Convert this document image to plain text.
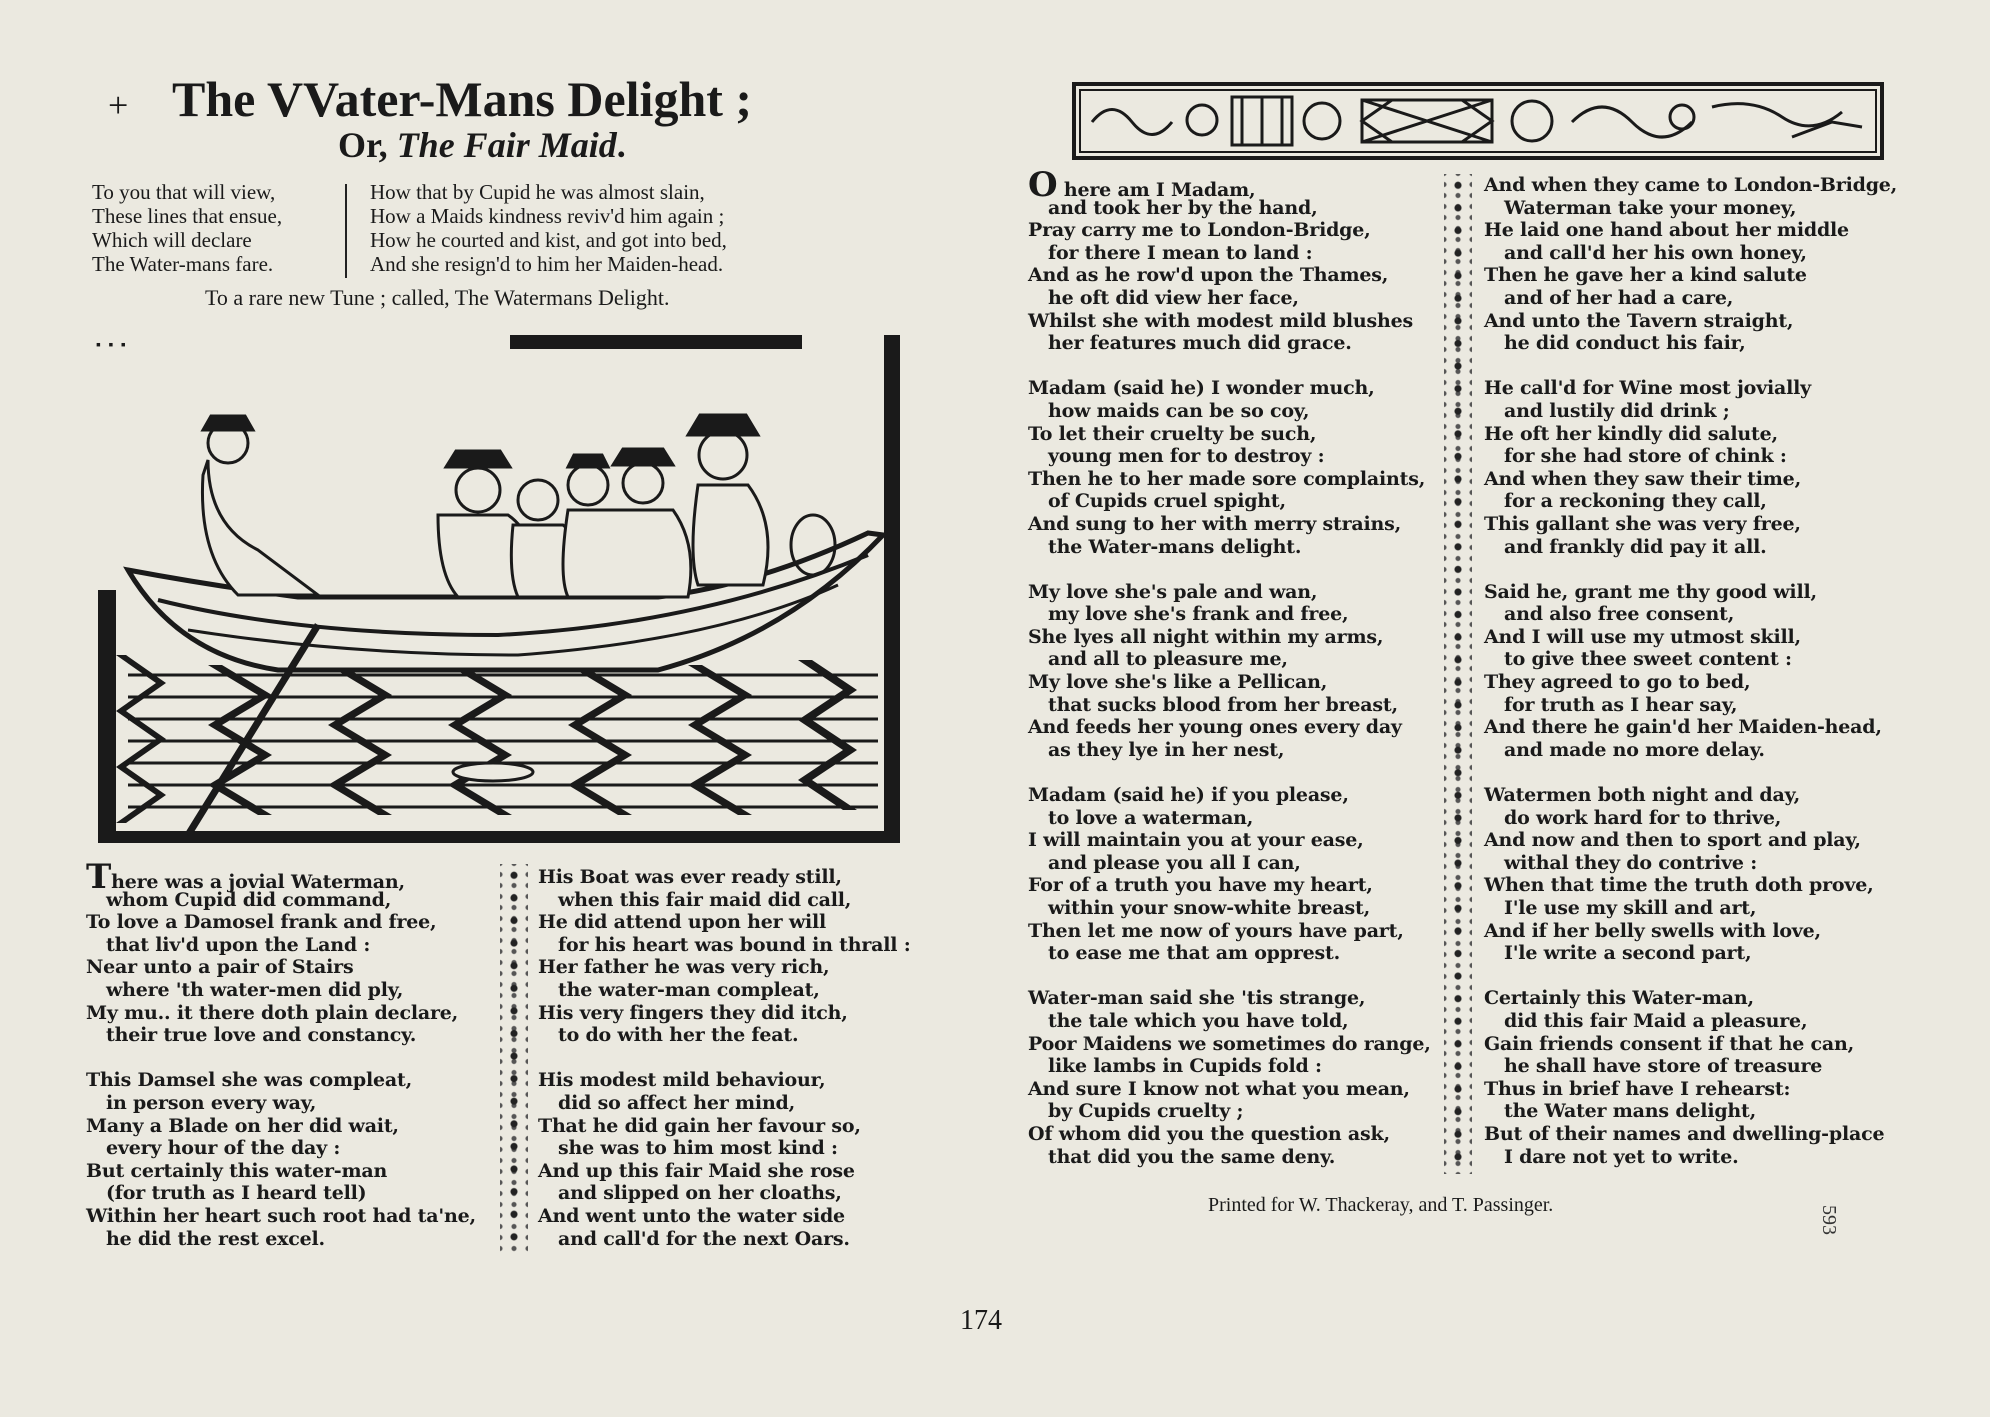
+ The VVater-Mans Delight ;
Or, The Fair Maid.
To you that will view,
These lines that ensue,
Which will declare
The Water-mans fare.
How that by Cupid he was almost slain,
How a Maids kindness reviv'd him again ;
How he courted and kist, and got into bed,
And she resign'd to him her Maiden-head.
To a rare new Tune ; called, The Watermans Delight.
▪ ▪ ▪
There was a jovial Waterman,
whom Cupid did command,
To love a Damosel frank and free,
that liv'd upon the Land :
Near unto a pair of Stairs
where 'th water-men did ply,
My mu.. it there doth plain declare,
their true love and constancy.
This Damsel she was compleat,
in person every way,
Many a Blade on her did wait,
every hour of the day :
But certainly this water-man
(for truth as I heard tell)
Within her heart such root had ta'ne,
he did the rest excel.
His Boat was ever ready still,
when this fair maid did call,
He did attend upon her will
for his heart was bound in thrall :
Her father he was very rich,
the water-man compleat,
His very fingers they did itch,
to do with her the feat.
His modest mild behaviour,
did so affect her mind,
That he did gain her favour so,
she was to him most kind :
And up this fair Maid she rose
and slipped on her cloaths,
And went unto the water side
and call'd for the next Oars.
O here am I Madam,
and took her by the hand,
Pray carry me to London-Bridge,
for there I mean to land :
And as he row'd upon the Thames,
he oft did view her face,
Whilst she with modest mild blushes
her features much did grace.
Madam (said he) I wonder much,
how maids can be so coy,
To let their cruelty be such,
young men for to destroy :
Then he to her made sore complaints,
of Cupids cruel spight,
And sung to her with merry strains,
the Water-mans delight.
My love she's pale and wan,
my love she's frank and free,
She lyes all night within my arms,
and all to pleasure me,
My love she's like a Pellican,
that sucks blood from her breast,
And feeds her young ones every day
as they lye in her nest,
Madam (said he) if you please,
to love a waterman,
I will maintain you at your ease,
and please you all I can,
For of a truth you have my heart,
within your snow-white breast,
Then let me now of yours have part,
to ease me that am opprest.
Water-man said she 'tis strange,
the tale which you have told,
Poor Maidens we sometimes do range,
like lambs in Cupids fold :
And sure I know not what you mean,
by Cupids cruelty ;
Of whom did you the question ask,
that did you the same deny.
And when they came to London-Bridge,
Waterman take your money,
He laid one hand about her middle
and call'd her his own honey,
Then he gave her a kind salute
and of her had a care,
And unto the Tavern straight,
he did conduct his fair,
He call'd for Wine most jovially
and lustily did drink ;
He oft her kindly did salute,
for she had store of chink :
And when they saw their time,
for a reckoning they call,
This gallant she was very free,
and frankly did pay it all.
Said he, grant me thy good will,
and also free consent,
And I will use my utmost skill,
to give thee sweet content :
They agreed to go to bed,
for truth as I hear say,
And there he gain'd her Maiden-head,
and made no more delay.
Watermen both night and day,
do work hard for to thrive,
And now and then to sport and play,
withal they do contrive :
When that time the truth doth prove,
I'le use my skill and art,
And if her belly swells with love,
I'le write a second part,
Certainly this Water-man,
did this fair Maid a pleasure,
Gain friends consent if that he can,
he shall have store of treasure
Thus in brief have I rehearst:
the Water mans delight,
But of their names and dwelling-place
I dare not yet to write.
Printed for W. Thackeray, and T. Passinger.
174
593
